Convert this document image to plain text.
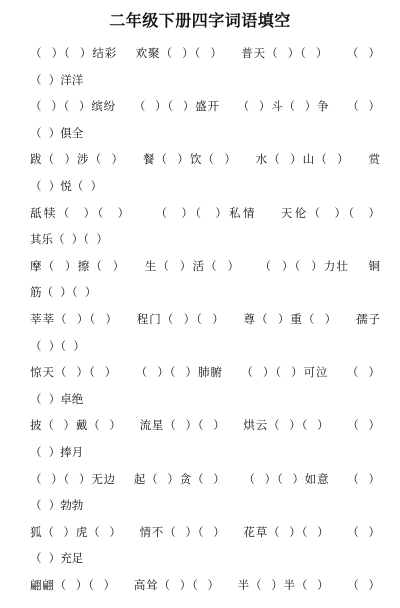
二年级下册四字词语填空
（  ）（  ）结彩    欢聚（  ）（  ）    普天（  ）（  ）    （  ）
（  ）洋洋
（  ）（  ）缤纷    （  ）（  ）盛开    （  ）斗（  ）争    （  ）
（  ）俱全
跋（  ）涉（  ）    餐（  ）饮（  ）    水（  ）山（  ）    赏
（  ）悦（  ）
舐犊（  ）（  ）    （  ）（  ）私情    天伦（  ）（  ）
其乐（  ）（  ）
摩（  ）擦（  ）    生（  ）活（  ）    （  ）（  ）力壮    铜
筋（  ）（  ）
莘莘（  ）（  ）    程门（  ）（  ）    尊（  ）重（  ）    孺子
（  ）（  ）
惊天（  ）（  ）    （  ）（  ）肺腑    （  ）（  ）可泣    （  ）
（  ）卓绝
披（  ）戴（  ）    流星（  ）（  ）    烘云（  ）（  ）    （  ）
（  ）捧月
（  ）（  ）无边    起（  ）贪（  ）    （  ）（  ）如意    （  ）
（  ）勃勃
狐（  ）虎（  ）    情不（  ）（  ）    花草（  ）（  ）    （  ）
（  ）充足
翩翩（  ）（  ）    高耸（  ）（  ）    半（  ）半（  ）    （  ）
